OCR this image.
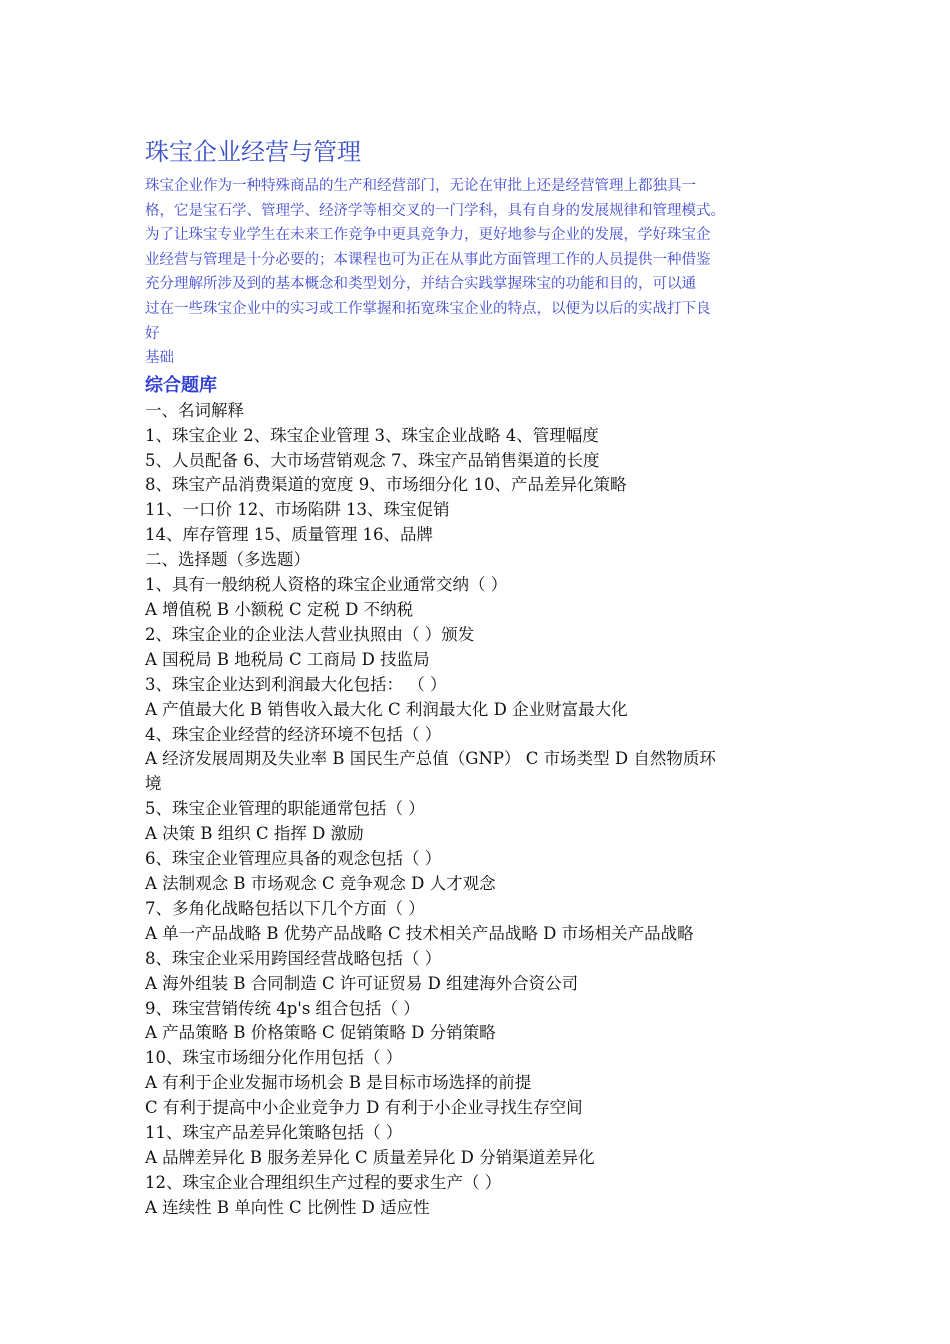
珠宝企业经营与管理
珠宝企业作为一种特殊商品的生产和经营部门，无论在审批上还是经营管理上都独具一
格，它是宝石学、管理学、经济学等相交叉的一门学科，具有自身的发展规律和管理模式。
为了让珠宝专业学生在未来工作竞争中更具竞争力，更好地参与企业的发展，学好珠宝企
业经营与管理是十分必要的；本课程也可为正在从事此方面管理工作的人员提供一种借鉴
充分理解所涉及到的基本概念和类型划分，并结合实践掌握珠宝的功能和目的，可以通
过在一些珠宝企业中的实习或工作掌握和拓宽珠宝企业的特点，以便为以后的实战打下良
好
基础
综合题库
一、名词解释
1、珠宝企业 2、珠宝企业管理 3、珠宝企业战略 4、管理幅度
5、人员配备 6、大市场营销观念 7、珠宝产品销售渠道的长度
8、珠宝产品消费渠道的宽度 9、市场细分化 10、产品差异化策略
11、一口价 12、市场陷阱 13、珠宝促销
14、库存管理 15、质量管理 16、品牌
二、选择题（多选题）
1、具有一般纳税人资格的珠宝企业通常交纳（ ）
A 增值税 B 小额税 C 定税 D 不纳税
2、珠宝企业的企业法人营业执照由（ ）颁发
A 国税局 B 地税局 C 工商局 D 技监局
3、珠宝企业达到利润最大化包括： （ ）
A 产值最大化 B 销售收入最大化 C 利润最大化 D 企业财富最大化
4、珠宝企业经营的经济环境不包括（ ）
A 经济发展周期及失业率 B 国民生产总值（GNP） C 市场类型 D 自然物质环
境
5、珠宝企业管理的职能通常包括（ ）
A 决策 B 组织 C 指挥 D 激励
6、珠宝企业管理应具备的观念包括（ ）
A 法制观念 B 市场观念 C 竞争观念 D 人才观念
7、多角化战略包括以下几个方面（ ）
A 单一产品战略 B 优势产品战略 C 技术相关产品战略 D 市场相关产品战略
8、珠宝企业采用跨国经营战略包括（ ）
A 海外组装 B 合同制造 C 许可证贸易 D 组建海外合资公司
9、珠宝营销传统 4p's 组合包括（ ）
A 产品策略 B 价格策略 C 促销策略 D 分销策略
10、珠宝市场细分化作用包括（ ）
A 有利于企业发掘市场机会 B 是目标市场选择的前提
C 有利于提高中小企业竞争力 D 有利于小企业寻找生存空间
11、珠宝产品差异化策略包括（ ）
A 品牌差异化 B 服务差异化 C 质量差异化 D 分销渠道差异化
12、珠宝企业合理组织生产过程的要求生产（ ）
A 连续性 B 单向性 C 比例性 D 适应性
